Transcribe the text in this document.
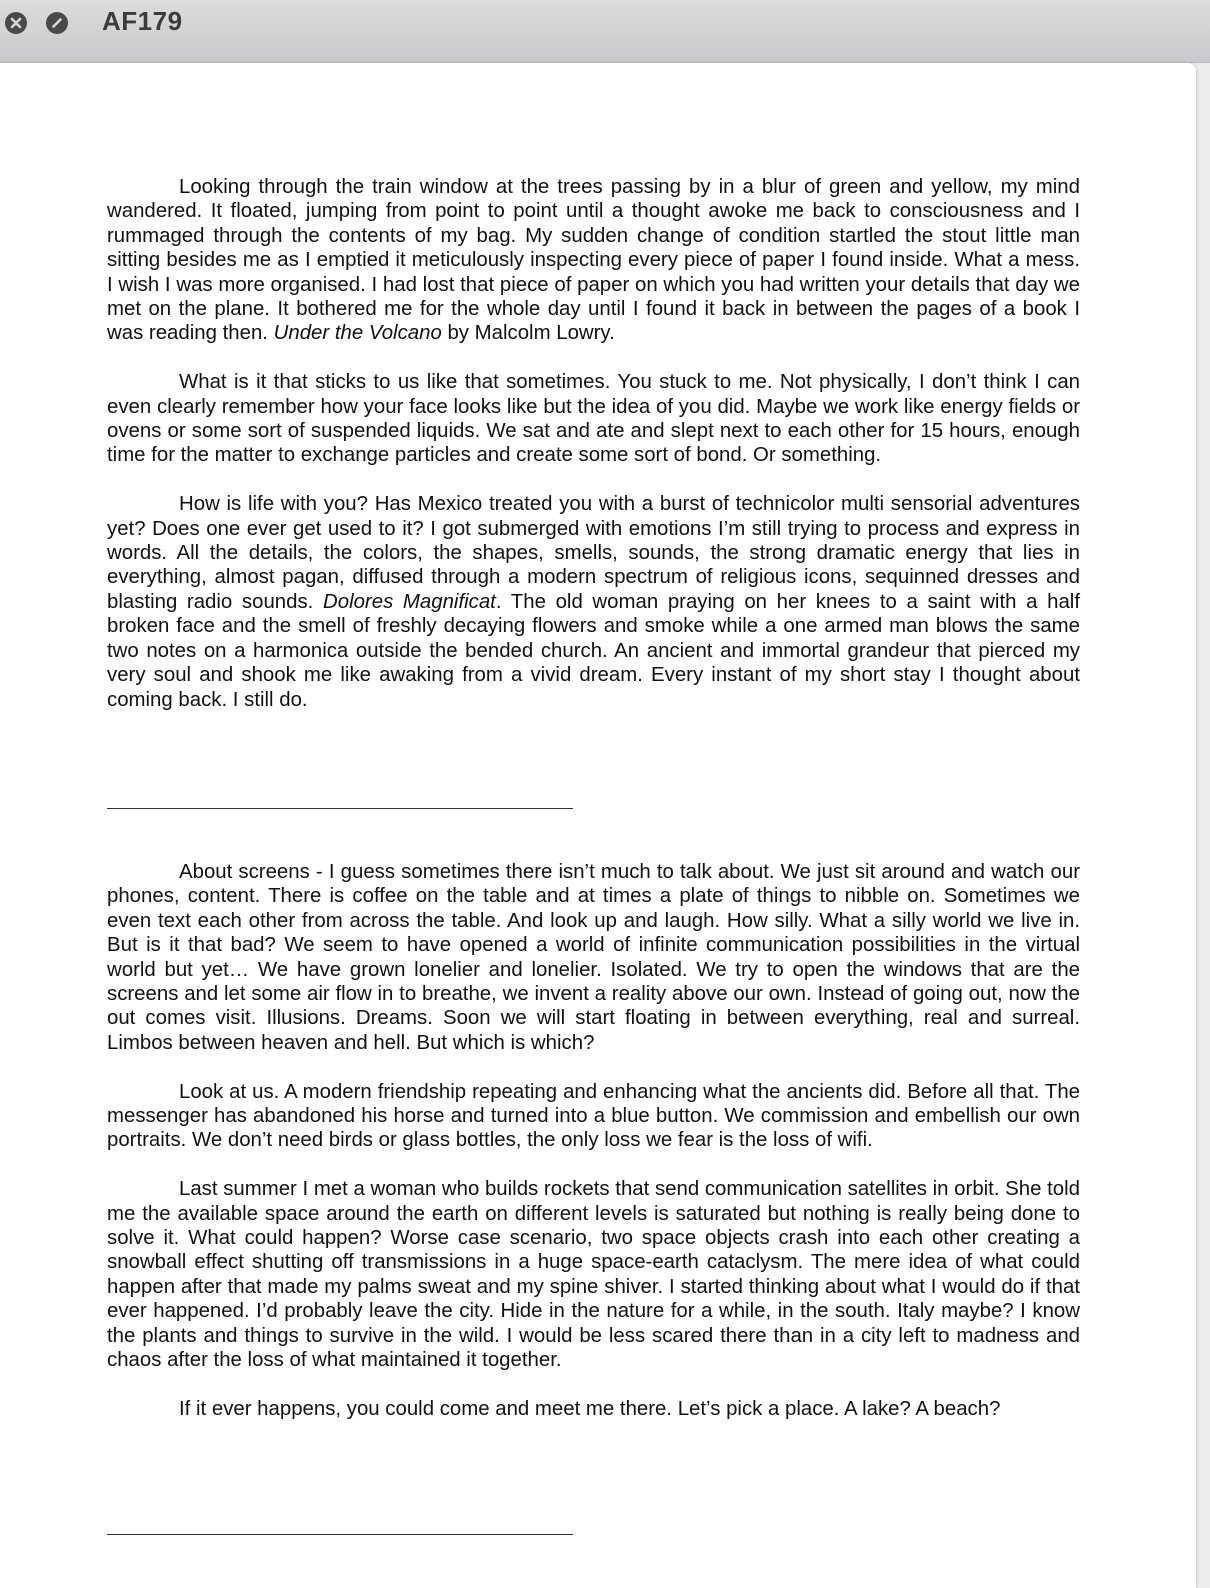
AF179

Looking through the train window at the trees passing by in a blur of green and yellow, my mind wandered. It floated, jumping from point to point until a thought awoke me back to consciousness and I rummaged through the contents of my bag. My sudden change of condition startled the stout little man sitting besides me as I emptied it meticulously inspecting every piece of paper I found inside. What a mess. I wish I was more organised. I had lost that piece of paper on which you had written your details that day we met on the plane. It bothered me for the whole day until I found it back in between the pages of a book I was reading then. Under the Volcano by Malcolm Lowry.

What is it that sticks to us like that sometimes. You stuck to me. Not physically, I don’t think I can even clearly remember how your face looks like but the idea of you did. Maybe we work like energy fields or ovens or some sort of suspended liquids. We sat and ate and slept next to each other for 15 hours, enough time for the matter to exchange particles and create some sort of bond. Or something.

How is life with you? Has Mexico treated you with a burst of technicolor multi sensorial adventures yet? Does one ever get used to it? I got submerged with emotions I’m still trying to process and express in words. All the details, the colors, the shapes, smells, sounds, the strong dramatic energy that lies in everything, almost pagan, diffused through a modern spectrum of religious icons, sequinned dresses and blasting radio sounds. Dolores Magnificat. The old woman praying on her knees to a saint with a half broken face and the smell of freshly decaying flowers and smoke while a one armed man blows the same two notes on a harmonica outside the bended church. An ancient and immortal grandeur that pierced my very soul and shook me like awaking from a vivid dream. Every instant of my short stay I thought about coming back. I still do.

About screens - I guess sometimes there isn’t much to talk about. We just sit around and watch our phones, content. There is coffee on the table and at times a plate of things to nibble on. Sometimes we even text each other from across the table. And look up and laugh. How silly. What a silly world we live in. But is it that bad? We seem to have opened a world of infinite communication possibilities in the virtual world but yet… We have grown lonelier and lonelier. Isolated. We try to open the windows that are the screens and let some air flow in to breathe, we invent a reality above our own. Instead of going out, now the out comes visit. Illusions. Dreams. Soon we will start floating in between everything, real and surreal. Limbos between heaven and hell. But which is which?

Look at us. A modern friendship repeating and enhancing what the ancients did. Before all that. The messenger has abandoned his horse and turned into a blue button. We commission and embellish our own portraits. We don’t need birds or glass bottles, the only loss we fear is the loss of wifi.

Last summer I met a woman who builds rockets that send communication satellites in orbit. She told me the available space around the earth on different levels is saturated but nothing is really being done to solve it. What could happen? Worse case scenario, two space objects crash into each other creating a snowball effect shutting off transmissions in a huge space-earth cataclysm. The mere idea of what could happen after that made my palms sweat and my spine shiver. I started thinking about what I would do if that ever happened. I’d probably leave the city. Hide in the nature for a while, in the south. Italy maybe? I know the plants and things to survive in the wild. I would be less scared there than in a city left to madness and chaos after the loss of what maintained it together.

If it ever happens, you could come and meet me there. Let’s pick a place. A lake? A beach?
